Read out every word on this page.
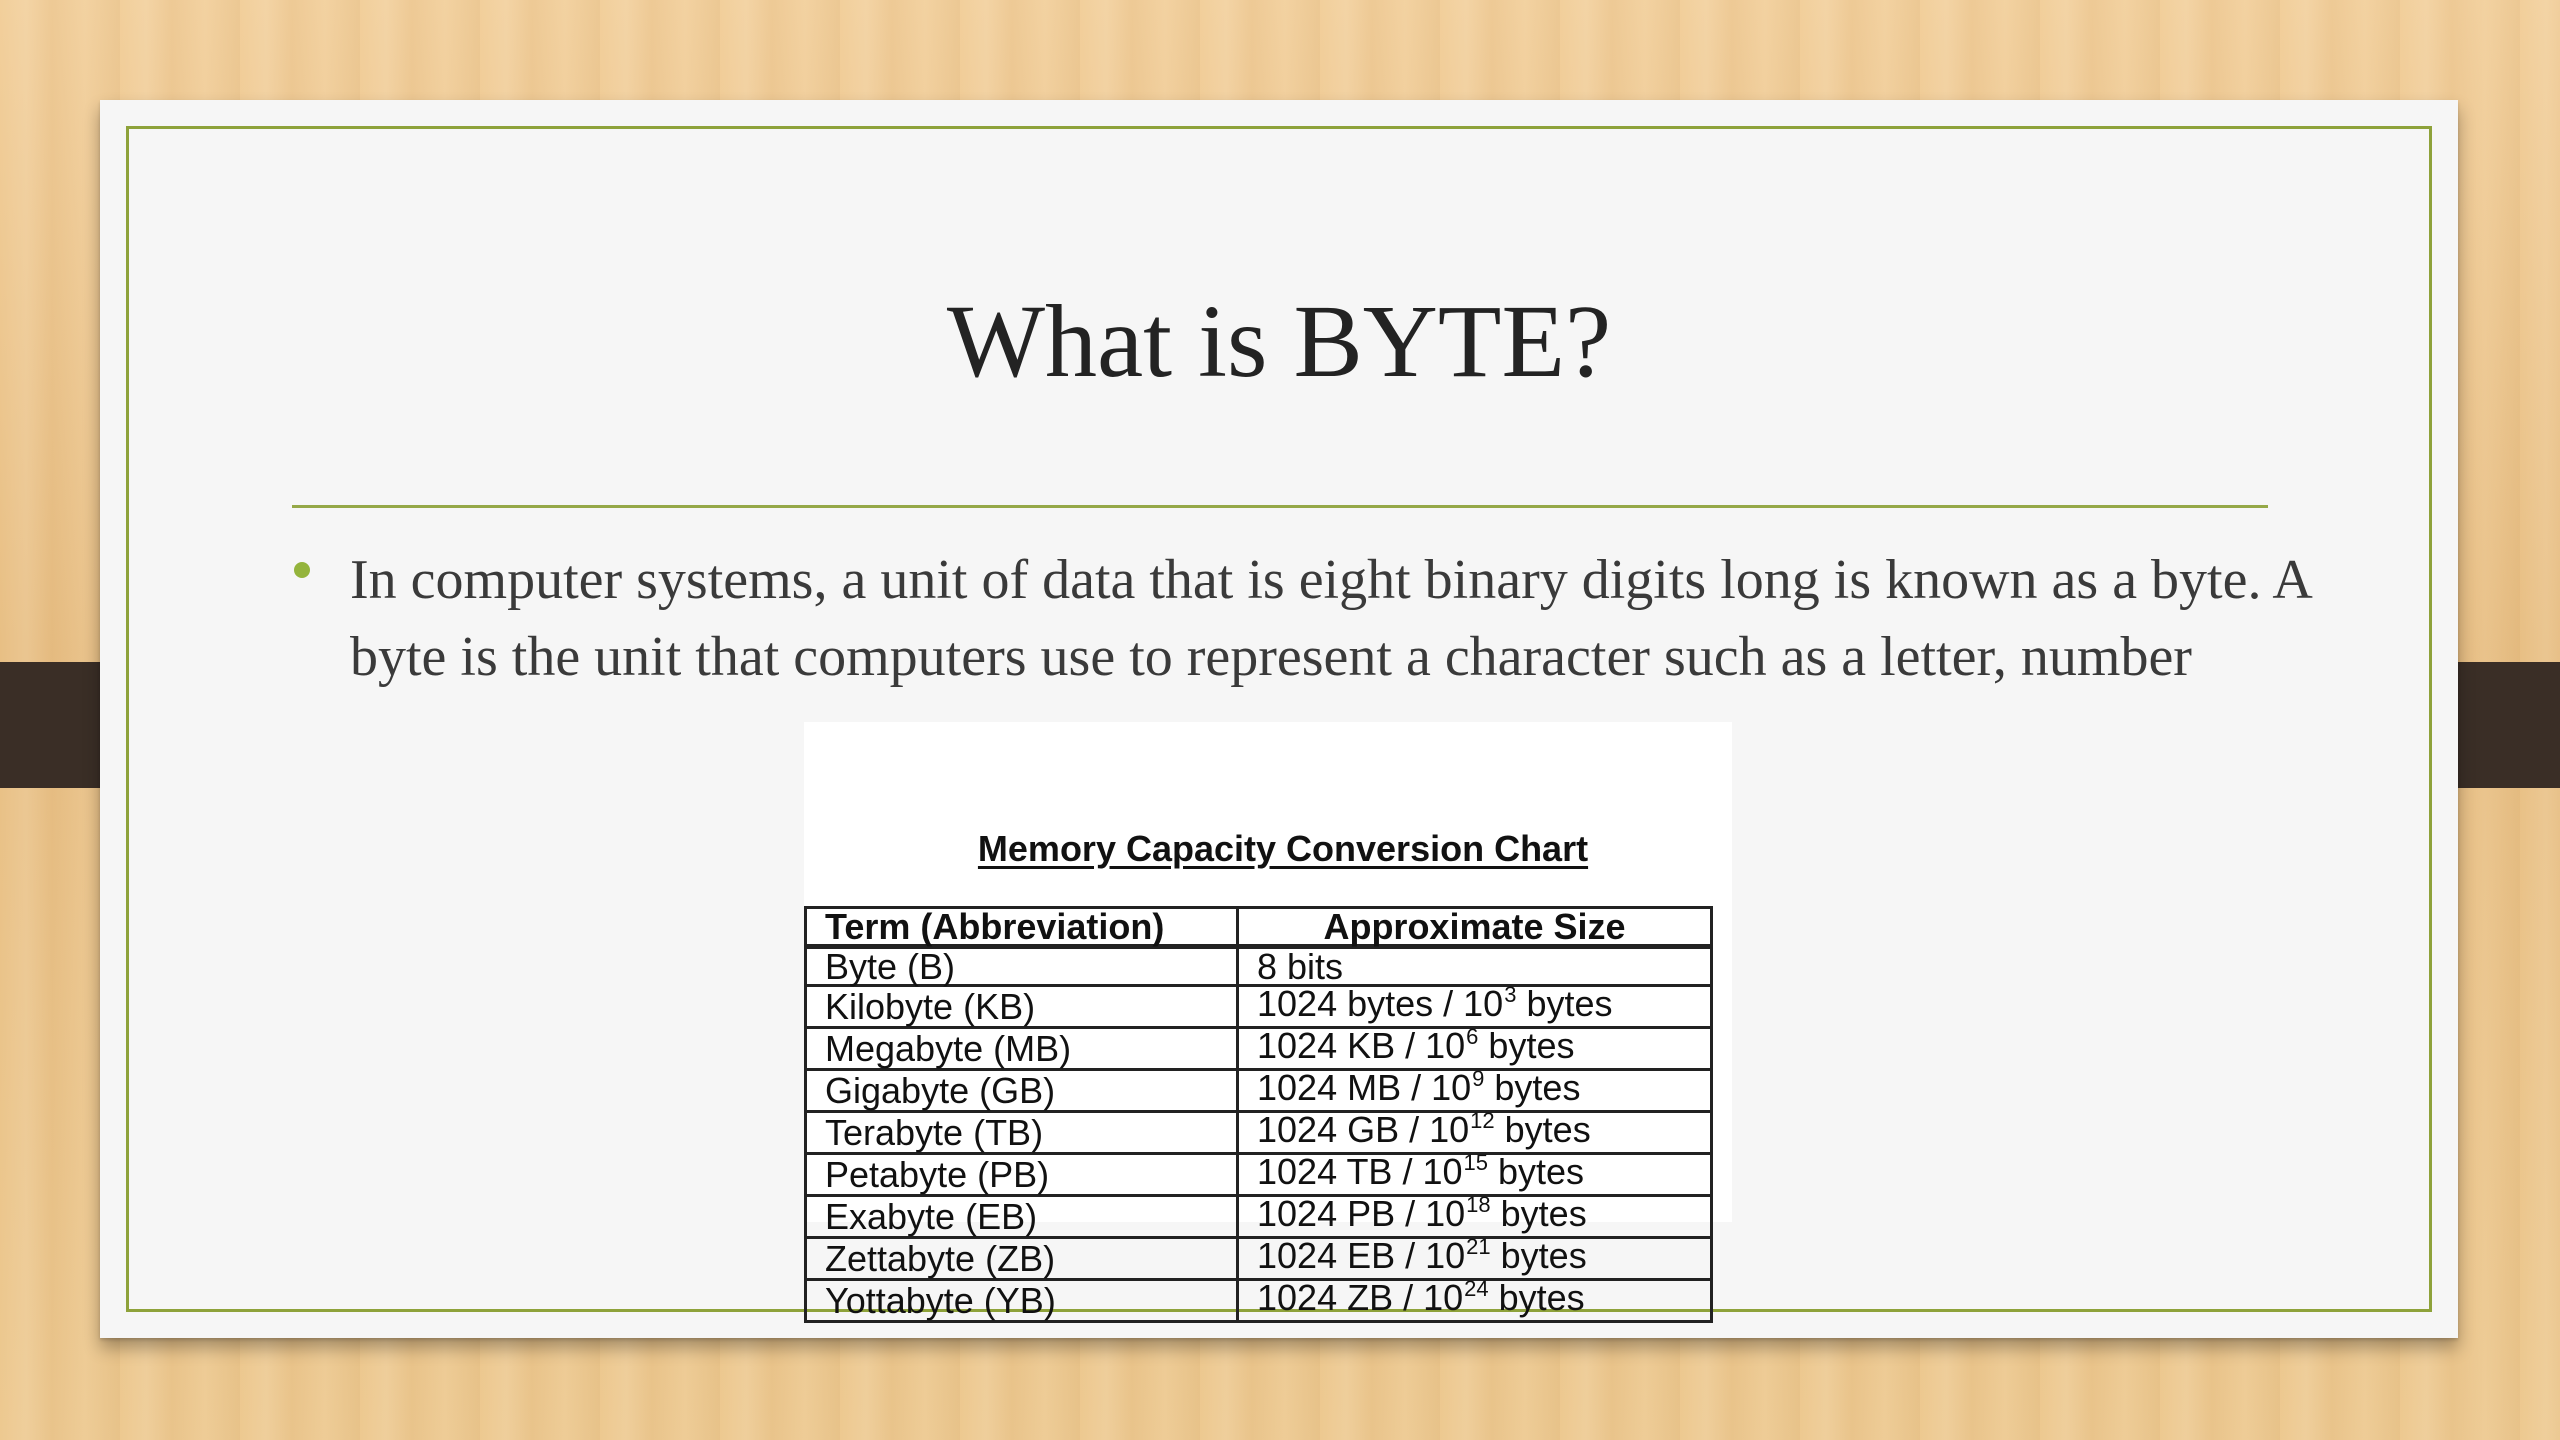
What is BYTE?

In computer systems, a unit of data that is eight binary digits long is known as a byte. A byte is the unit that computers use to represent a character such as a letter, number

Memory Capacity Conversion Chart
Term (Abbreviation)	Approximate Size
Byte (B)	8 bits
Kilobyte (KB)	1024 bytes / $10^3$ bytes
Megabyte (MB)	1024 KB / $10^6$ bytes
Gigabyte (GB)	1024 MB / $10^9$ bytes
Terabyte (TB)	1024 GB / $10^{12}$ bytes
Petabyte (PB)	1024 TB / $10^{15}$ bytes
Exabyte (EB)	1024 PB / $10^{18}$ bytes
Zettabyte (ZB)	1024 EB / $10^{21}$ bytes
Yottabyte (YB)	1024 ZB / $10^{24}$ bytes
